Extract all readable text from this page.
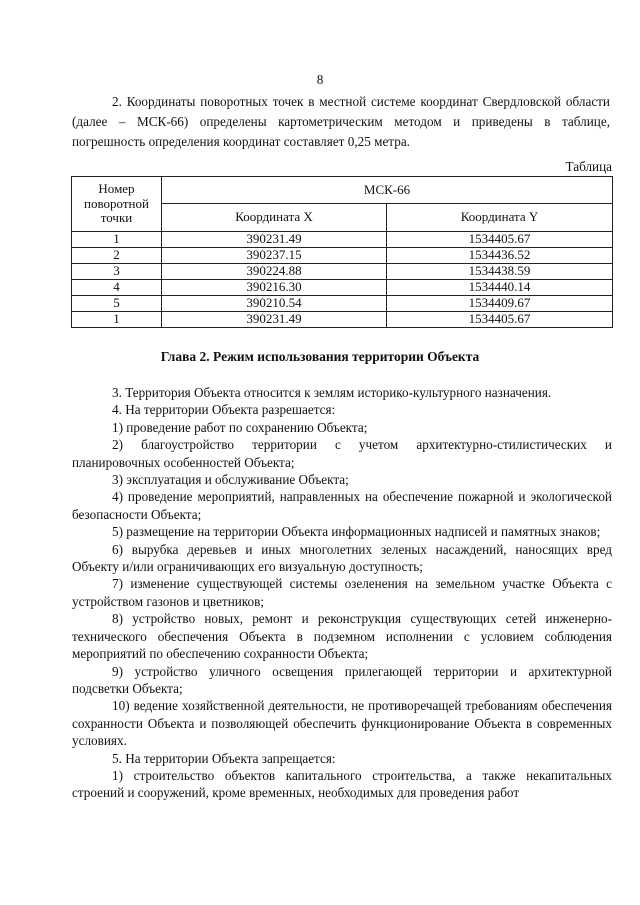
8

2. Координаты поворотных точек в местной системе координат Свердловской области (далее – МСК-66) определены картометрическим методом и приведены в таблице, погрешность определения координат составляет 0,25 метра.

Таблица
Номер поворотной точки	МСК-66	
	Координата X	Координата Y
1	390231.49	1534405.67
2	390237.15	1534436.52
3	390224.88	1534438.59
4	390216.30	1534440.14
5	390210.54	1534409.67
1	390231.49	1534405.67
Глава 2. Режим использования территории Объекта

3. Территория Объекта относится к землям историко-культурного назначения.

4. На территории Объекта разрешается:

1) проведение работ по сохранению Объекта;

2) благоустройство территории с учетом архитектурно-стилистических и планировочных особенностей Объекта;

3) эксплуатация и обслуживание Объекта;

4) проведение мероприятий, направленных на обеспечение пожарной и экологической безопасности Объекта;

5) размещение на территории Объекта информационных надписей и памятных знаков;

6) вырубка деревьев и иных многолетних зеленых насаждений, наносящих вред Объекту и/или ограничивающих его визуальную доступность;

7) изменение существующей системы озеленения на земельном участке Объекта с устройством газонов и цветников;

8) устройство новых, ремонт и реконструкция существующих сетей инженерно-технического обеспечения Объекта в подземном исполнении с условием соблюдения мероприятий по обеспечению сохранности Объекта;

9) устройство уличного освещения прилегающей территории и архитектурной подсветки Объекта;

10) ведение хозяйственной деятельности, не противоречащей требованиям обеспечения сохранности Объекта и позволяющей обеспечить функционирование Объекта в современных условиях.

5. На территории Объекта запрещается:

1) строительство объектов капитального строительства, а также некапитальных строений и сооружений, кроме временных, необходимых для проведения работ
